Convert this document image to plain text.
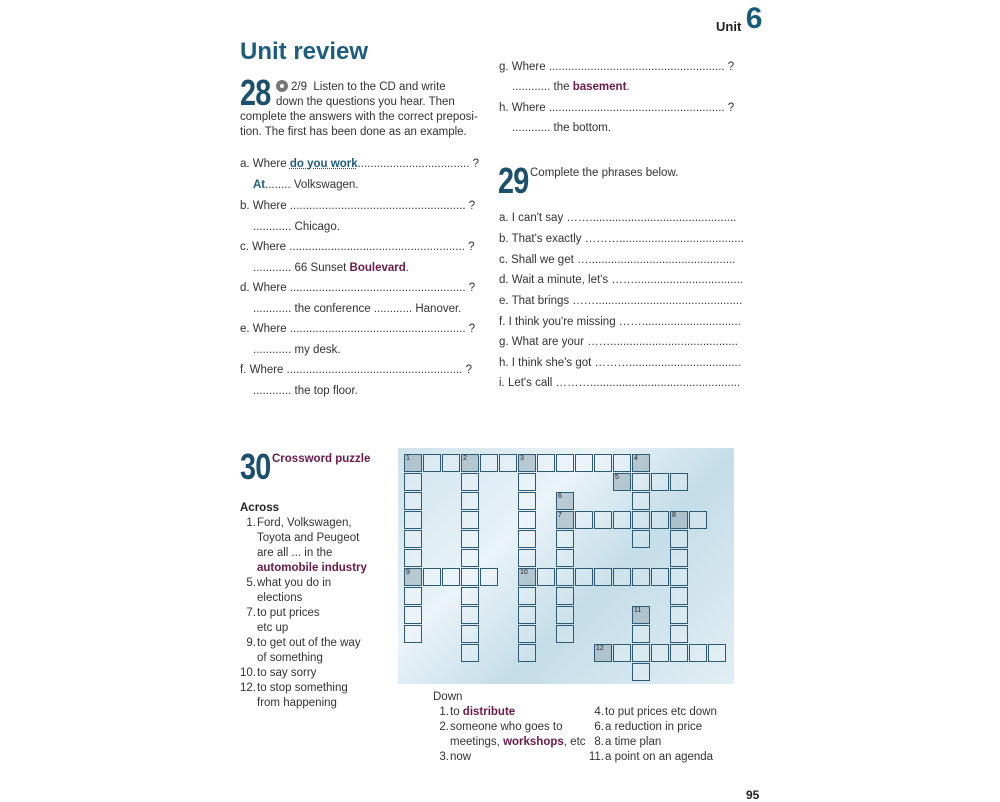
Unit 6
Unit review
28	2/9 Listen to the CD and write
down the questions you hear. Then
complete the answers with the correct preposi-
tion. The first has been done as an example.
a. Where do you work................................... ?
At........ Volkswagen.
b. Where ....................................................... ?
............ Chicago.
c. Where ....................................................... ?
............ 66 Sunset Boulevard.
d. Where ....................................................... ?
............ the conference ............ Hanover.
e. Where ....................................................... ?
............ my desk.
f. Where ....................................................... ?
............ the top floor.
g. Where ....................................................... ?
............ the basement.
h. Where ....................................................... ?
............ the bottom.
29 Complete the phrases below.
a. I can't say ……..............................................
b. That's exactly ……….......................................
c. Shall we get …..............................................
d. Wait a minute, let's ……..................................
e. That brings ……..............................................
f. I think you're missing ……...............................
g. What are your ……........................................
h. I think she's got ………...................................
i. Let's call ………...............................................
30 Crossword puzzle
Across
1. Ford, Volkswagen,
Toyota and Peugeot
are all ... in the
automobile industry
5. what you do in
elections
7. to put prices
etc up
9. to get out of the way
of something
10. to say sorry
12. to stop something
from happening
1	2	3	4
9	10
5
6
7	8
11
12
Down
1. to distribute
2. someone who goes to
meetings, workshops, etc
3. now
4. to put prices etc down
6. a reduction in price
8. a time plan
11. a point on an agenda
95
